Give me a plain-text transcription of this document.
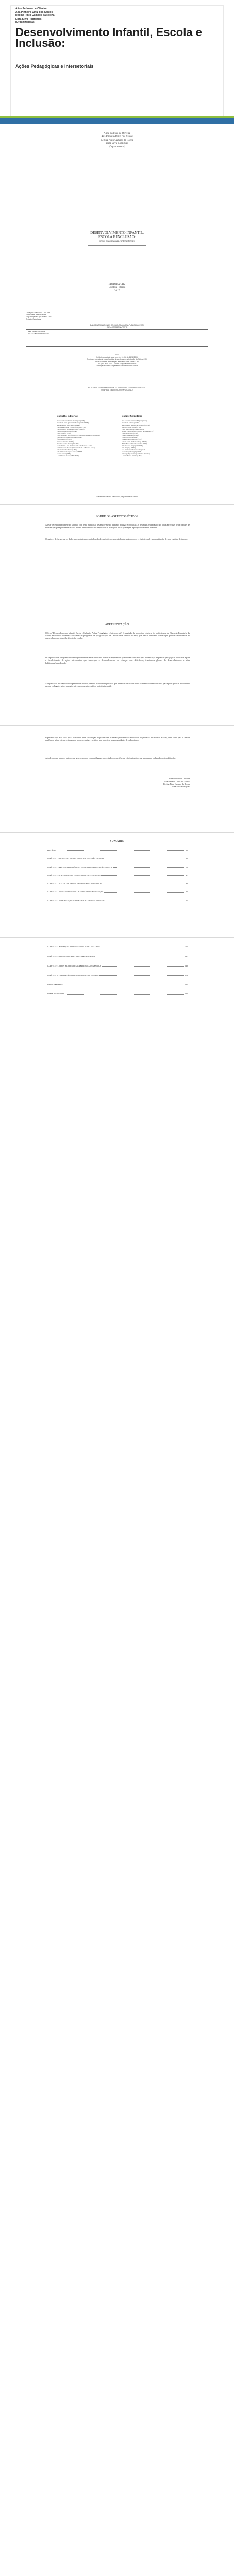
Aline Pedroso de Oliveira
Ada Pinheiro Diniz dos Santos
Regina Pinto Campos da Rocha
Eliza Silva Rodrigues
(Organizadoras)
Desenvolvimento Infantil, Escola e Inclusão:
Ações Pedagógicas e Intersetoriais
Aline Pedroso de Oliveira
Ada Pinheiro Diniz dos Santos
Regina Pinto Campos da Rocha
Eliza Silva Rodrigues
(Organizadoras)
DESENVOLVIMENTO INFANTIL,
ESCOLA E INCLUSÃO:
ações pedagógicas e intersetoriais
EDITORA CRV
Curitiba - Brasil
2017
Copyright © da Editora CRV Ltda.
Editor-chefe: Railson Moura
Diagramação e Capa: Editora CRV
Revisão: Os Autores
DADOS INTERNACIONAIS DE CATALOGAÇÃO NA PUBLICAÇÃO (CIP)
CATALOGAÇÃO NA FONTE
ISBN 978-85-444-1937-6
DOI 10.24824/978854441937.6
2017
Foi feito o depósito legal conf. Lei 10.994 de 14/12/2004
Proibida a reprodução parcial ou total desta obra sem autorização da Editora CRV
Todos os direitos desta edição reservados pela: Editora CRV
Tel.: (41) 3039-6418 - E-mail: sac@editoracrv.com.br
Conheça os nossos lançamentos: www.editoracrv.com.br
ESTA OBRA TAMBÉM ENCONTRA-SE DISPONÍVEL EM FORMATO DIGITAL.
CONHEÇA E BAIXE NOSSO APLICATIVO!
Conselho Editorial:
Aldira Guimarães Duarte Domínguez (UNB)
Andréia da Silva Quintanilha Sousa (UNIR/UFRN)
Antônio Pereira Gaio Júnior (UFRRJ)
Carlos Alberto Vilar Estêvão (UMINHO - PT)
Carlos Federico Dominguez Avila (Unieuro)
Carmen Tereza Velanga (UNIR)
Celso Conti (UFSCar)
Cesar Gerónimo Tello (Univer. Nacional Três de Febrero - Argentina)
Elione Maria Nogueira Diogenes (UFAL)
Élsio José Corá (UFFS)
Elizeu Clementino (UNEB)
Francisco Carlos Duarte (PUC-PR)
Gloria Fariñas León (Universidade de La Havana - Cuba)
Guillermo Arias Beatón (Universidade de La Havana - Cuba)
Jailson Alves dos Santos (UFRJ)
João Adalberto Campato Junior (UNESP)
Josania Portela (UFPI)
Leonel Severo Rocha (UNISINOS)
Comitê Científico:
Ana Chrystina Venancio Mignot (UERJ)
Andréia N. Militão (UEMS)
Anna Augusta Sampaio de Oliveira (UNESP)
Barbara Coelho Neves (UFBA)
Cindy Mery Gavioli-Prestes (UFPA)
Diosnel Centurion (Univ Americ. de Asunción - Py)
Eliane Rose Maio (UEM)
Elizeu Clementino (UNEB)
Fauston Negreiros (UFPI)
Francisco Ari de Andrade (UFC)
Gláucia Maria dos Santos Jorge (UFOP)
Helder Buenos Aires de Carvalho (UFPI)
Ilma Passos A. Veiga (UNICEUB)
Inês Bragança (UERJ)
José de Ribamar Sousa Pereira (UCB)
Jussara Fraga Portugal (UNEB)
Kilwangy Kya Kapitango-a-Samba (Unemat)
Lourdes Helena da Silva (UFV)
Este livro foi avaliado e aprovado por pareceristas ad hoc.
SOBRE OS ASPECTOS ÉTICOS
Apesar de esta obra conter um capítulo com tema relativo ao desenvolvimento humano, inclusão e educação, as pesquisas relatadas foram todas aprovadas pelos comitês de ética em pesquisa pertinentes a cada estudo, bem como foram respeitados os princípios éticos que regem a pesquisa com seres humanos.
Os autores declaram que os dados apresentados nos capítulos são de sua inteira responsabilidade, assim como a revisão textual e a normalização de cada capítulo desta obra.
APRESENTAÇÃO
O livro "Desenvolvimento Infantil, Escola e Inclusão: Ações Pedagógicas e Intersetoriais" é resultado de produções coletivas de profissionais da Educação Especial e da Saúde, envolvendo docentes e discentes de programas de pós-graduação da Universidade Federal do Pará, que têm se dedicado a investigar questões relacionadas ao desenvolvimento infantil e à inclusão escolar.
Os capítulos que compõem esta obra apresentam reflexões teóricas e relatos de experiências que buscam contribuir para a construção de práticas pedagógicas inclusivas e para o fortalecimento de ações intersetoriais que favoreçam o desenvolvimento de crianças com deficiência, transtornos globais do desenvolvimento e altas habilidades/superdotação.
A organização dos capítulos foi pensada de modo a permitir ao leitor um percurso que parte das discussões sobre o desenvolvimento infantil, passa pelas práticas no contexto escolar e chega às ações intersetoriais entre educação, saúde e assistência social.
Esperamos que esta obra possa contribuir para a formação de professores e demais profissionais envolvidos no processo de inclusão escolar, bem como para o debate acadêmico sobre o tema, estimulando novas pesquisas e práticas que respeitem as singularidades de cada criança.
Agradecemos a todos os autores que generosamente compartilharam seus estudos e experiências, e às instituições que apoiaram a realização desta publicação.
Aline Pedroso de Oliveira
Ada Pinheiro Diniz dos Santos
Regina Pinto Campos da Rocha
Eliza Silva Rodrigues
SUMÁRIO
PREFÁCIO	13
CAPÍTULO 1 – DESENVOLVIMENTO INFANTIL E INCLUSÃO ESCOLAR	15
CAPÍTULO 2 – PRÁTICAS PEDAGÓGICAS INCLUSIVAS NA EDUCAÇÃO INFANTIL	31
CAPÍTULO 3 – O ATENDIMENTO EDUCACIONAL ESPECIALIZADO	47
CAPÍTULO 4 – A FAMÍLIA E A ESCOLA NO PROCESSO DE INCLUSÃO	63
CAPÍTULO 5 – AÇÕES INTERSETORIAIS ENTRE SAÚDE E EDUCAÇÃO	79
CAPÍTULO 6 – COMUNICAÇÃO ALTERNATIVA E AMPLIADA NA ESCOLA	95
CAPÍTULO 7 – FORMAÇÃO DE PROFESSORES PARA A INCLUSÃO	111
CAPÍTULO 8 – TECNOLOGIA ASSISTIVA E APRENDIZAGEM	127
CAPÍTULO 9 – ALTAS HABILIDADES/SUPERDOTAÇÃO NA ESCOLA	143
CAPÍTULO 10 – AVALIAÇÃO DO DESENVOLVIMENTO INFANTIL	159
ÍNDICE REMISSIVO	175
SOBRE OS AUTORES	179
